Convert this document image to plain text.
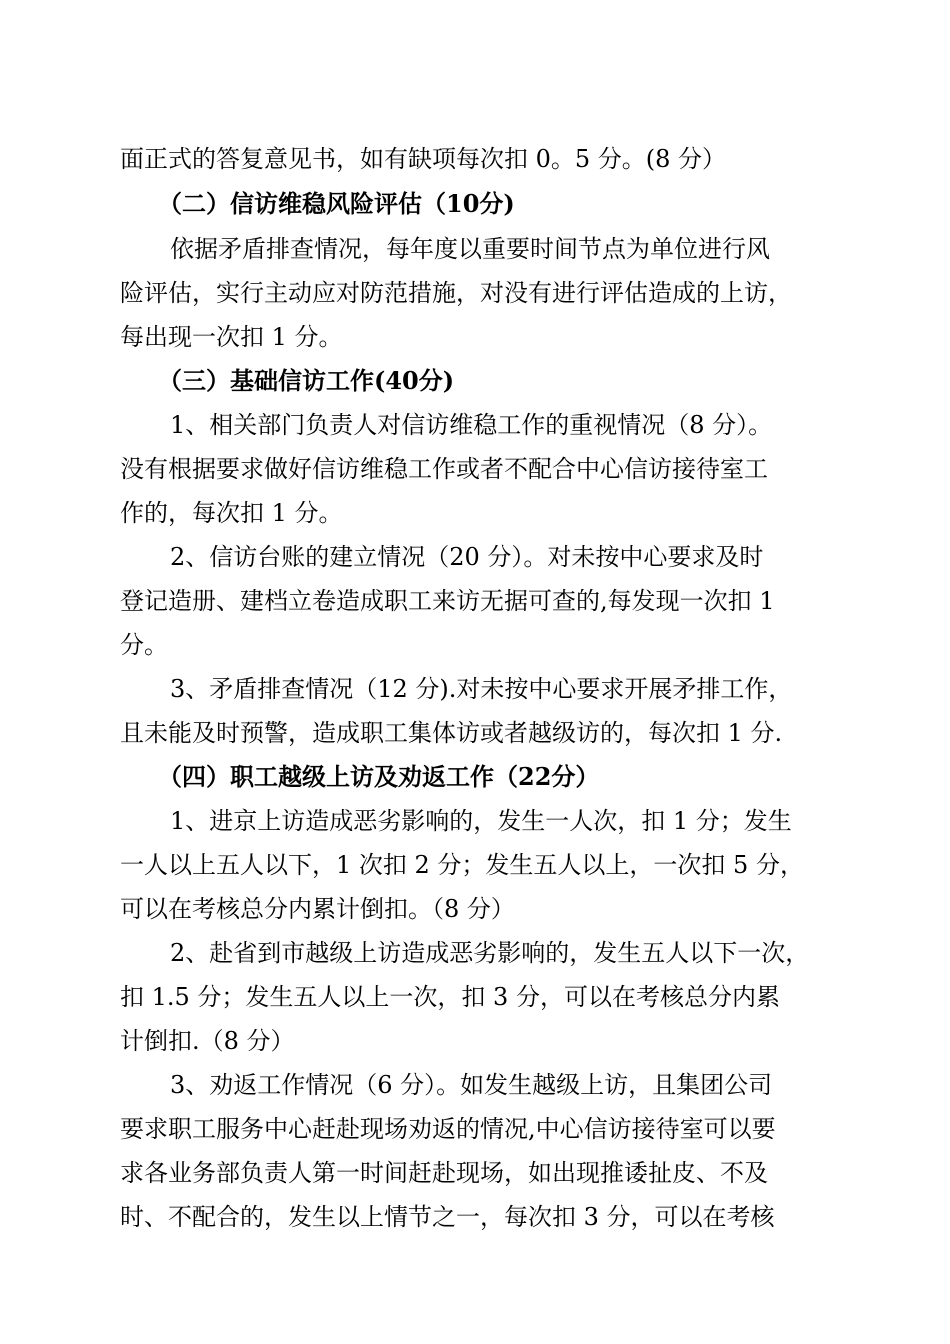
面正式的答复意见书，如有缺项每次扣 0。5 分。(8 分）

（二）信访维稳风险评估（10分)

依据矛盾排查情况，每年度以重要时间节点为单位进行风

险评估，实行主动应对防范措施，对没有进行评估造成的上访，

每出现一次扣 1 分。

（三）基础信访工作(40分)

1、相关部门负责人对信访维稳工作的重视情况（8 分）。

没有根据要求做好信访维稳工作或者不配合中心信访接待室工

作的，每次扣 1 分。

2、信访台账的建立情况（20 分）。对未按中心要求及时

登记造册、建档立卷造成职工来访无据可查的,每发现一次扣 1

分。

3、矛盾排查情况（12 分).对未按中心要求开展矛排工作，

且未能及时预警，造成职工集体访或者越级访的，每次扣 1 分.

（四）职工越级上访及劝返工作（22分）

1、进京上访造成恶劣影响的，发生一人次，扣 1 分；发生

一人以上五人以下，1 次扣 2 分；发生五人以上，一次扣 5 分，

可以在考核总分内累计倒扣。（8 分）

2、赴省到市越级上访造成恶劣影响的，发生五人以下一次，

扣 1.5 分；发生五人以上一次，扣 3 分，可以在考核总分内累

计倒扣.（8 分）

3、劝返工作情况（6 分）。如发生越级上访，且集团公司

要求职工服务中心赶赴现场劝返的情况,中心信访接待室可以要

求各业务部负责人第一时间赶赴现场，如出现推诿扯皮、不及

时、不配合的，发生以上情节之一，每次扣 3 分，可以在考核
